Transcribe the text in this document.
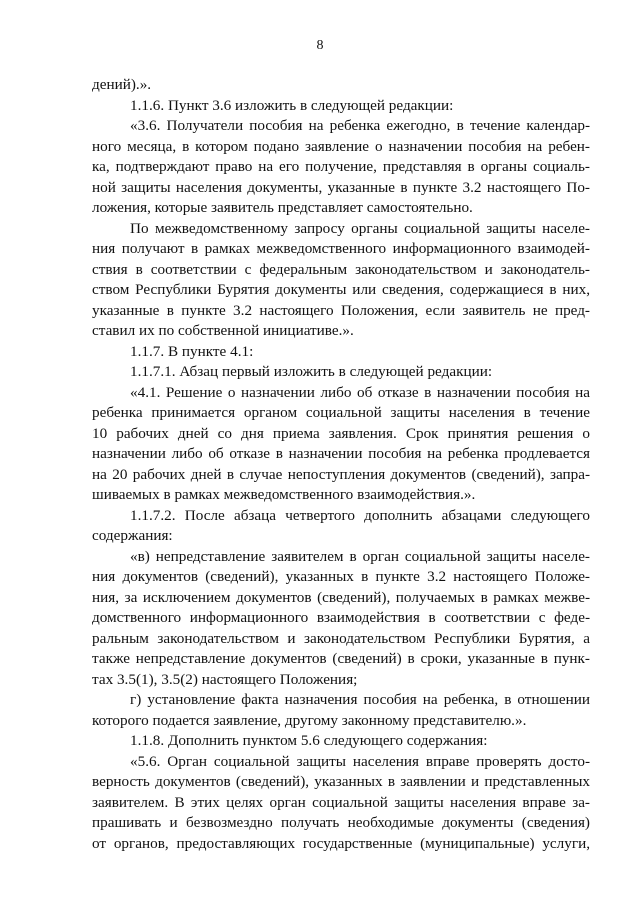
8
дений).».
1.1.6. Пункт 3.6 изложить в следующей редакции:
«3.6. Получатели пособия на ребенка ежегодно, в течение календар-
ного месяца, в котором подано заявление о назначении пособия на ребен-
ка, подтверждают право на его получение, представляя в органы социаль-
ной защиты населения документы, указанные в пункте 3.2 настоящего По-
ложения, которые заявитель представляет самостоятельно.
По межведомственному запросу органы социальной защиты населе-
ния получают в рамках межведомственного информационного взаимодей-
ствия в соответствии с федеральным законодательством и законодатель-
ством Республики Бурятия документы или сведения, содержащиеся в них,
указанные в пункте 3.2 настоящего Положения, если заявитель не пред-
ставил их по собственной инициативе.».
1.1.7. В пункте 4.1:
1.1.7.1. Абзац первый изложить в следующей редакции:
«4.1. Решение о назначении либо об отказе в назначении пособия на
ребенка принимается органом социальной защиты населения в течение
10 рабочих дней со дня приема заявления. Срок принятия решения о
назначении либо об отказе в назначении пособия на ребенка продлевается
на 20 рабочих дней в случае непоступления документов (сведений), запра-
шиваемых в рамках межведомственного взаимодействия.».
1.1.7.2. После абзаца четвертого дополнить абзацами следующего
содержания:
«в) непредставление заявителем в орган социальной защиты населе-
ния документов (сведений), указанных в пункте 3.2 настоящего Положе-
ния, за исключением документов (сведений), получаемых в рамках межве-
домственного информационного взаимодействия в соответствии с феде-
ральным законодательством и законодательством Республики Бурятия, а
также непредставление документов (сведений) в сроки, указанные в пунк-
тах 3.5(1), 3.5(2) настоящего Положения;
г) установление факта назначения пособия на ребенка, в отношении
которого подается заявление, другому законному представителю.».
1.1.8. Дополнить пунктом 5.6 следующего содержания:
«5.6. Орган социальной защиты населения вправе проверять досто-
верность документов (сведений), указанных в заявлении и представленных
заявителем. В этих целях орган социальной защиты населения вправе за-
прашивать и безвозмездно получать необходимые документы (сведения)
от органов, предоставляющих государственные (муниципальные) услуги,
